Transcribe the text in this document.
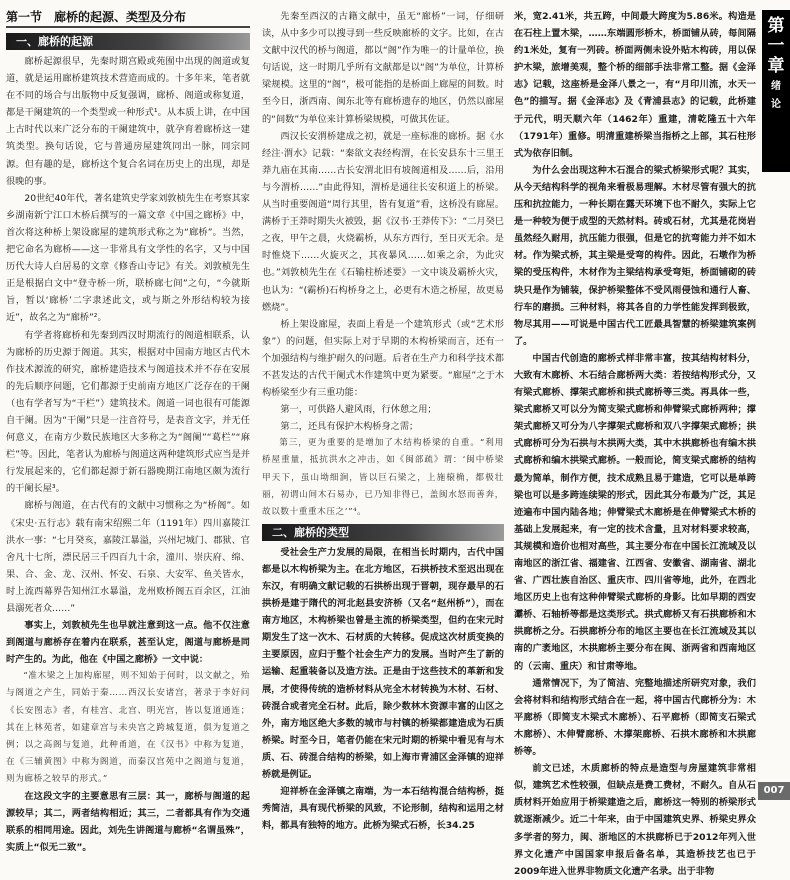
第一节　廊桥的起源、类型及分布	第
一
章
绪
论
一、廊桥的起源

廊桥起源很早，先秦时期宫殿或苑囿中出现的阁道或复道，就是运用廊桥建筑技术营造而成的。十多年来，笔者就在不同的场合与出版物中反复强调，廊桥、阁道或称复道，都是干阑建筑的一个类型或一种形式¹。从本质上讲，在中国上古时代以来广泛分布的干阑建筑中，就孕育着廊桥这一建筑类型。换句话说，它与普通房屋建筑同出一脉，同宗同源。但有趣的是，廊桥这个复合名词在历史上的出现，却是很晚的事。

20世纪40年代，著名建筑史学家刘敦桢先生在考察其家乡湖南新宁江口木桥后撰写的一篇文章《中国之廊桥》中，首次将这种桥上架设廊屋的建筑形式称之为“廊桥”。当然，把它命名为廊桥——这一非常具有文学性的名字，又与中国历代大诗人白居易的文章《修香山寺记》有关。刘敦桢先生正是根据白文中“登寺桥一所，联桥廊七间”之句，“今就斯旨，暂以‘廊桥’二字隶述此文，或与斯之外形结构较为接近”，故名之为“廊桥”²。

有学者将廊桥和先秦到西汉时期流行的阁道相联系，认为廊桥的历史源于阁道。其实，根据对中国南方地区古代木作技术源流的研究，廊桥建造技术与阁道技术并不存在安展的先后顺序问题，它们都源于史前南方地区广泛存在的干阑（也有学者写为“干栏”）建筑技术。阁道一词也很有可能源自干阑。因为“干阑”只是一注音符号，是表音文字，并无任何意义，在南方少数民族地区大多称之为“阁阑”“葛栏”“麻栏”等。因此，笔者认为廊桥与阁道这两种建筑形式应当是并行发展起来的，它们都起源于新石器晚期江南地区颇为流行的干阑长屋³。

廊桥与阁道，在古代有的文献中习惯称之为“桥阁”。如《宋史·五行志》载有南宋绍熙二年（1191年）四川嘉陵江洪水一事：“七月癸亥，嘉陵江暴溢，兴州圮城门、郡狱、官舍凡十七所，漂民居三千四百九十余，潼川、崇庆府、绵、果、合、金、龙、汉州、怀安、石泉、大安军、鱼关皆水，时上流西幕界告知州江水暴溢，龙州败桥阁五百余区，江油县溺死者众……”

事实上，刘敦桢先生也早就注意到这一点。他不仅注意到阁道与廊桥存在着内在联系，甚至认定，阁道与廊桥是同时产生的。为此，他在《中国之廊桥》一文中说：

“准木梁之上加构廊屋，则不知始于何时，以文献之，殆与阁道之产生，同始于秦……西汉长安诸宫，著录于李好问《长安图志》者，有桂宫、北宫、明光宫，皆以复道通连；其在上林苑者，如建章宫与未央宫之跨城复道，俱为复道之例；以之高阁与复道，此种甬道，在《汉书》中称为复道，在《三辅黄图》中称为阁道，而秦汉宫苑中之阁道与复道，则为廊桥之较早的形式。”

在这段文字的主要意思有三层：其一，廊桥与阁道的起源较早；其二，两者结构相近；其三，二者都具有作为交通联系的相同用途。因此，刘先生讲阁道与廊桥“名谓虽殊”，实质上“似无二致”。

先秦至西汉的古籍文献中，虽无“廊桥”一词，仔细研读，从中多少可以搜寻到一些反映廊桥的文字。比如，在古文献中汉代的桥与阁道，都以“阁”作为唯一的计量单位，换句话说，这一时期几乎所有文献都是以“阁”为单位，计算桥梁规模。这里的“阁”，极可能指的是桥面上廊屋的间数。时至今日，浙西南、闽东北等有廊桥遗存的地区，仍然以廊屋的“间数”为单位来计算桥梁规模，可做其佐证。

西汉长安渭桥建成之初，就是一座标准的廊桥。据《水经注·渭水》记载：“秦欲文表经构渭，在长安县东十三里王莽九庙在其南……古长安渭北旧有坡阁道相及……后，沿用与今渭桥……”由此得知，渭桥是通往长安积道上的桥梁。从当时重要阁道“周行其里，皆有复道”看，这桥没有廊屋。满桥于王莽时期失火被毁，据《汉书·王莽传下》：“二月癸巳之夜，甲午之晨，火烧霸桥，从东方西行，至日灭无余。是时惟烧下……火旋灭之，其夜暴风……如乘之余，为此灾也。”刘敦桢先生在《石输柱桥述要》一文中谈及霸桥火灾，也认为：“(霸桥)石构桥身之上，必更有木造之桥屋，故更易燃烧”。

桥上架设廊屋，表面上看是一个建筑形式（或“艺术形象”）的问题，但实际上对于早期的木构桥梁而言，还有一个加强结构与维护耐久的问题。后者在生产力和科学技术都不甚发达的古代干阑式木作建筑中更为紧要。“廊屋”之于木构桥梁至少有三重功能：

第一，可供路人避风雨，行休憩之用；

第二，还具有保护木构桥身之需；

第三，更为重要的是增加了木结构桥梁的自重。“利用桥屋重量，抵抗洪水之冲击，如《闽部疏》谓：‘闽中桥梁甲天下，虽山坳细涧，皆以巨石梁之，上施榱桷，都极壮丽，初谓山间木石易办，已乃知非得已，盖闽水怒而善奔，故以数十重重木压之’”⁴。

二、廊桥的类型

受社会生产力发展的局限，在相当长时期内，古代中国都是以木构桥梁为主。在北方地区，石拱桥技术至迟出现在东汉，有明确文献记载的石拱桥出现于晋朝，现存最早的石拱桥是建于隋代的河北赵县安济桥（又名“赵州桥”），而在南方地区，木构桥梁也曾是主流的桥梁类型，但约在宋元时期发生了这一次木、石材质的大转移。促成这次材质变换的主要原因，应归于整个社会生产力的发展。当时产生了新的运输、起重装备以及造方法。正是由于这些技术的革新和发展，才使得传统的造桥材料从完全木材转换为木材、石材、砖混合或者完全石材。此后，除少数林木资源丰富的山区之外，南方地区绝大多数的城市与村镇的桥梁都建造成为石质桥梁。时至今日，笔者仍能在宋元时期的桥梁中看见有与木质、石、砖混合结构的桥梁，如上海市青浦区金泽镇的迎祥桥就是例证。

迎祥桥在金泽镇之南端，为一本石结构混合结构桥，挺秀简洁，具有现代桥梁的风致，不论形制，结构和运用之材料，都具有独特的地方。此桥为梁式石桥，长34.25

米，宽2.41米，共五跨，中间最大跨度为5.86米。构造是在石柱上置木梁，……东端圆形桥木，桥面铺从砖，每间隔约1米处，复有一列砖。桥面两侧未设外贴木构砖，用以保护木梁，旅增美观，整个桥的细部手法非常工整。据《金泽志》记载，这座桥是金泽八景之一，有“月印川流，水天一色”的描写。据《金泽志》及《青浦县志》的记载，此桥建于元代，明天顺六年（1462年）重建，清乾隆五十六年（1791年）重修。明清重建桥梁当指桥之上部，其石柱形式为依存旧制。

为什么会出现这种木石混合的梁式桥梁形式呢？其实，从今天结构科学的视角来看极易理解。木材尽管有强大的抗压和抗拉能力，一种长期在露天环境下也不耐久，实际上它是一种较为便于成型的天然材料。砖或石材，尤其是花岗岩虽然经久耐用，抗压能力很强，但是它的抗弯能力并不如木材。作为梁式桥，其主梁是受弯的构件。因此，石墩作为桥梁的受压构件，木材作为主梁结构承受弯矩，桥面铺砌的砖块只是作为铺装，保护桥梁整体不受风雨侵蚀和通行人畜、行车的磨损。三种材料，将其各自的力学性能发挥到极致，物尽其用——可说是中国古代工匠最具智慧的桥梁建筑案例了。

中国古代创造的廊桥式样非常丰富，按其结构材料分，大致有木廊桥、木石结合廊桥两大类：若按结构形式分，又有梁式廊桥、撑架式廊桥和拱式廊桥等三类。再具体一些，梁式廊桥又可以分为简支梁式廊桥和伸臂梁式廊桥两种；撑架式廊桥又可分为八字撑架式廊桥和双八字撑架式廊桥；拱式廊桥可分为石拱与木拱两大类，其中木拱廊桥也有编木拱式廊桥和编木拱梁式廊桥。一般而论，简支梁式廊桥的结构最为简单，制作方便，技术成熟且易于建造，它可以是单跨梁也可以是多跨连续梁的形式，因此其分布最为广泛，其足迹遍布中国内陆各地；伸臂梁式木廊桥是在伸臂梁式木桥的基础上发展起来，有一定的技术含量，且对材料要求较高，其规模和造价也相对高些，其主要分布在中国长江流域及以南地区的浙江省、福建省、江西省、安徽省、湖南省、湖北省、广西壮族自治区、重庆市、四川省等地，此外，在西北地区历史上也有这种伸臂梁式廊桥的身影。比如早期的西安灞桥、石轴桥等都是这类形式。拱式廊桥又有石拱廊桥和木拱廊桥之分。石拱廊桥分布的地区主要也在长江流域及其以南的广袤地区，木拱廊桥主要分布在闽、浙两省和西南地区的（云南、重庆）和甘肃等地。

通常情况下，为了简洁、完整地描述所研究对象，我们会将材料和结构形式结合在一起，将中国古代廊桥分为：木平廊桥（即简支木梁式木廊桥）、石平廊桥（即简支石梁式木廊桥）、木伸臂廊桥、木撑架廊桥、石拱木廊桥和木拱廊桥等。

前文已述，木质廊桥的特点是造型与房屋建筑非常相似，建筑艺术性较强，但缺点是费工费材，不耐久。自从石质材料开始应用于桥梁建造之后，廊桥这一特别的桥梁形式就逐渐减少。近二十年来，由于中国建筑史界、桥梁史界众多学者的努力，闽、浙地区的木拱廊桥已于2012年列入世界文化遗产中国国家申报后备名单，其造桥技艺也已于2009年进入世界非物质文化遗产名录。出于非物

007
